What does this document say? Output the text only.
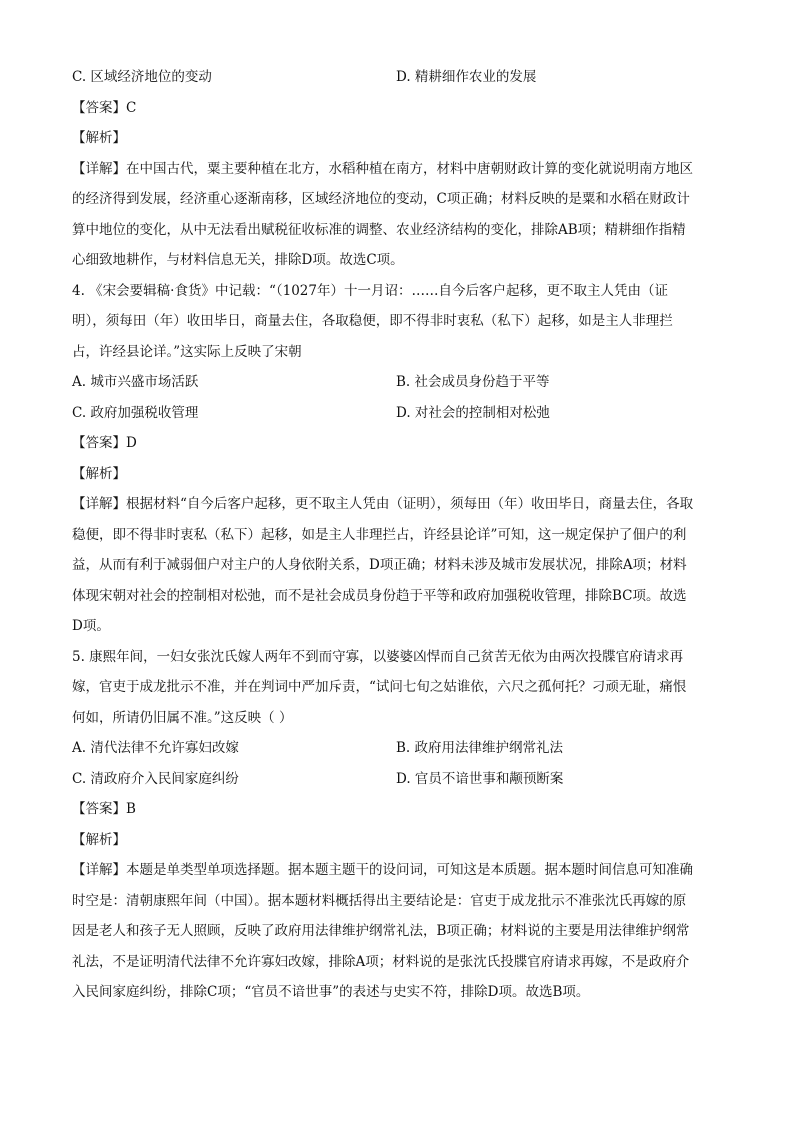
C. 区域经济地位的变动	D. 精耕细作农业的发展
【答案】C
【解析】
【详解】在中国古代，粟主要种植在北方，水稻种植在南方，材料中唐朝财政计算的变化就说明南方地区
的经济得到发展，经济重心逐渐南移，区域经济地位的变动，C项正确；材料反映的是粟和水稻在财政计
算中地位的变化，从中无法看出赋税征收标准的调整、农业经济结构的变化，排除AB项；精耕细作指精
心细致地耕作，与材料信息无关，排除D项。故选C项。
4. 《宋会要辑稿·食货》中记载：“（1027年）十一月诏：……自今后客户起移，更不取主人凭由（证
明），须每田（年）收田毕日，商量去住，各取稳便，即不得非时衷私（私下）起移，如是主人非理拦
占，许经县论详。”这实际上反映了宋朝
A. 城市兴盛市场活跃	B. 社会成员身份趋于平等
C. 政府加强税收管理	D. 对社会的控制相对松弛
【答案】D
【解析】
【详解】根据材料“自今后客户起移，更不取主人凭由（证明），须每田（年）收田毕日，商量去住，各取
稳便，即不得非时衷私（私下）起移，如是主人非理拦占，许经县论详”可知，这一规定保护了佃户的利
益，从而有利于减弱佃户对主户的人身依附关系，D项正确；材料未涉及城市发展状况，排除A项；材料
体现宋朝对社会的控制相对松弛，而不是社会成员身份趋于平等和政府加强税收管理，排除BC项。故选
D项。
5. 康熙年间，一妇女张沈氏嫁人两年不到而守寡，以婆婆凶悍而自己贫苦无依为由两次投牒官府请求再
嫁，官吏于成龙批示不准，并在判词中严加斥责，“试问七旬之姑谁依，六尺之孤何托？刁顽无耻，痛恨
何如，所请仍旧属不准。”这反映（ ）
A. 清代法律不允许寡妇改嫁	B. 政府用法律维护纲常礼法
C. 清政府介入民间家庭纠纷	D. 官员不谙世事和颟顸断案
【答案】B
【解析】
【详解】本题是单类型单项选择题。据本题主题干的设问词，可知这是本质题。据本题时间信息可知准确
时空是：清朝康熙年间（中国）。据本题材料概括得出主要结论是：官吏于成龙批示不准张沈氏再嫁的原
因是老人和孩子无人照顾，反映了政府用法律维护纲常礼法，B项正确；材料说的主要是用法律维护纲常
礼法，不是证明清代法律不允许寡妇改嫁，排除A项；材料说的是张沈氏投牒官府请求再嫁，不是政府介
入民间家庭纠纷，排除C项；“官员不谙世事”的表述与史实不符，排除D项。故选B项。
